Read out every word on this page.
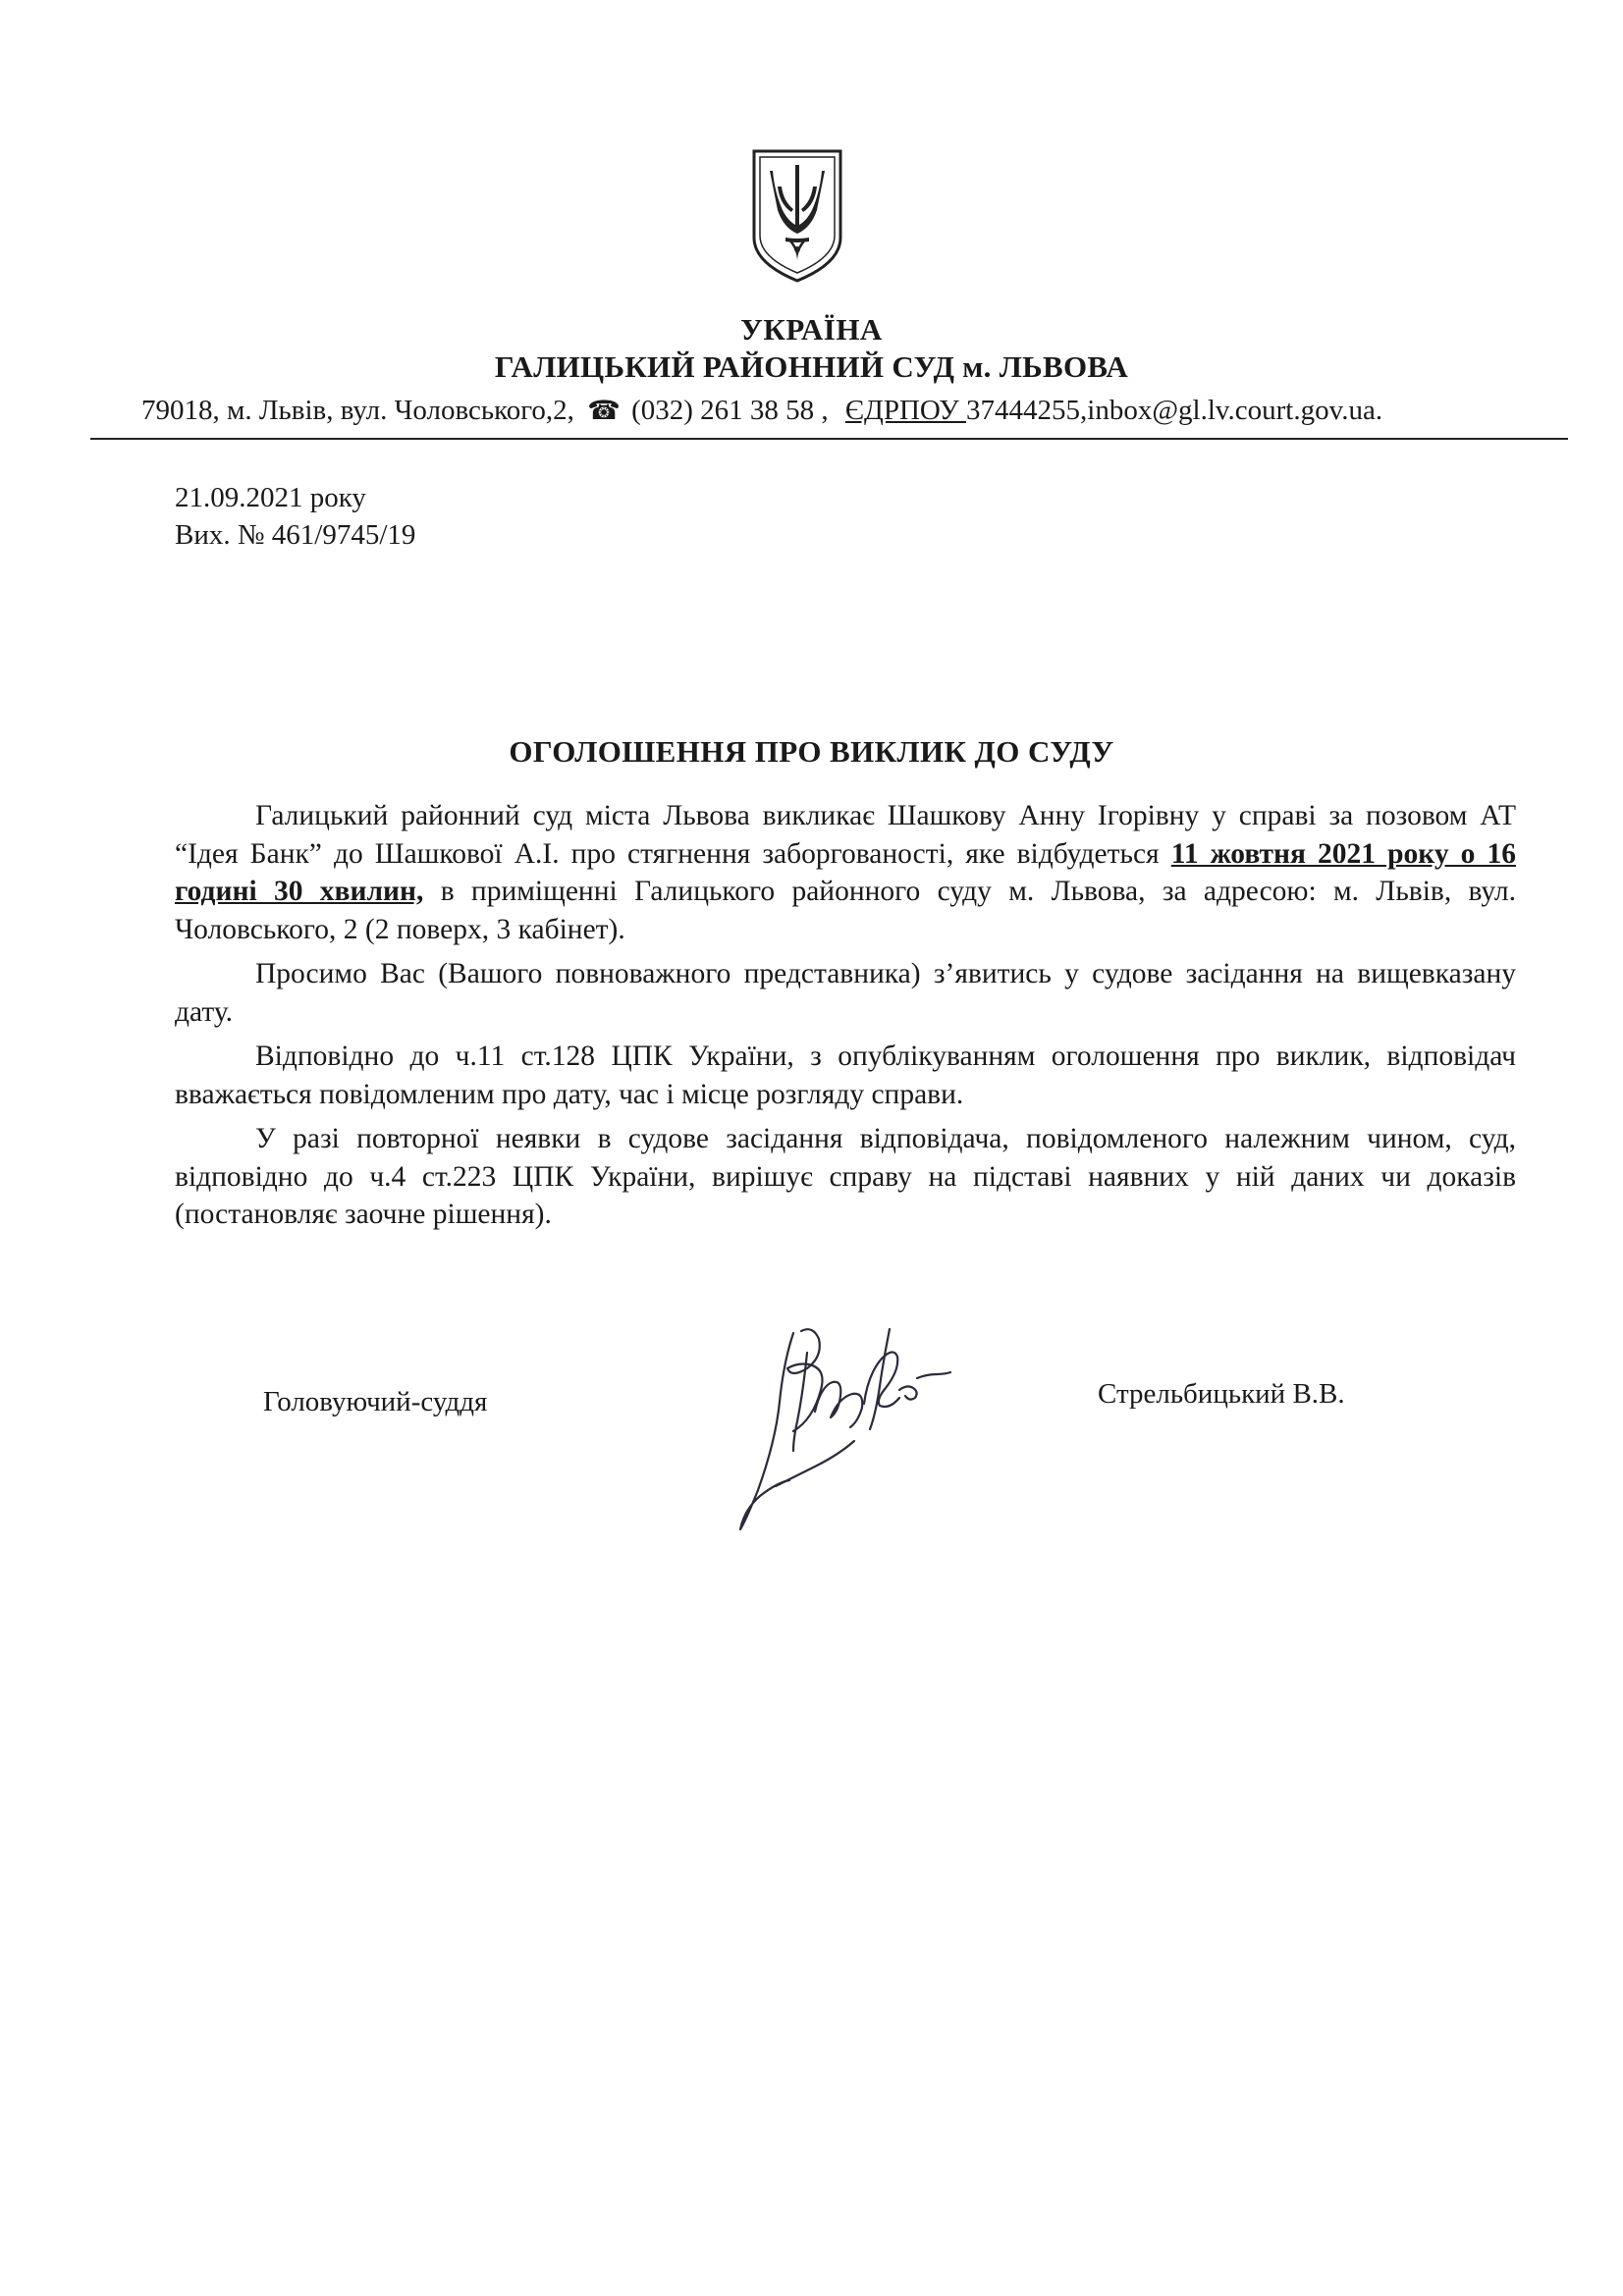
УКРАЇНА
ГАЛИЦЬКИЙ РАЙОННИЙ СУД м. ЛЬВОВА
79018, м. Львів, вул. Чоловського,2, ☎ (032) 261 38 58 , ЄДРПОУ 37444255,inbox@gl.lv.court.gov.ua.
21.09.2021 року
Вих. № 461/9745/19
ОГОЛОШЕННЯ ПРО ВИКЛИК ДО СУДУ

Галицький районний суд міста Львова викликає Шашкову Анну Ігорівну у справі за позовом АТ “Ідея Банк” до Шашкової А.І. про стягнення заборгованості, яке відбудеться 11 жовтня 2021 року о 16 годині 30 хвилин, в приміщенні Галицького районного суду м. Львова, за адресою: м. Львів, вул. Чоловського, 2 (2 поверх, 3 кабінет).

Просимо Вас (Вашого повноважного представника) з’явитись у судове засідання на вищевказану дату.

Відповідно до ч.11 ст.128 ЦПК України, з опублікуванням оголошення про виклик, відповідач вважається повідомленим про дату, час і місце розгляду справи.

У разі повторної неявки в судове засідання відповідача, повідомленого належним чином, суд, відповідно до ч.4 ст.223 ЦПК України, вирішує справу на підставі наявних у ній даних чи доказів (постановляє заочне рішення).

Головуючий-суддя	Стрельбицький В.В.
